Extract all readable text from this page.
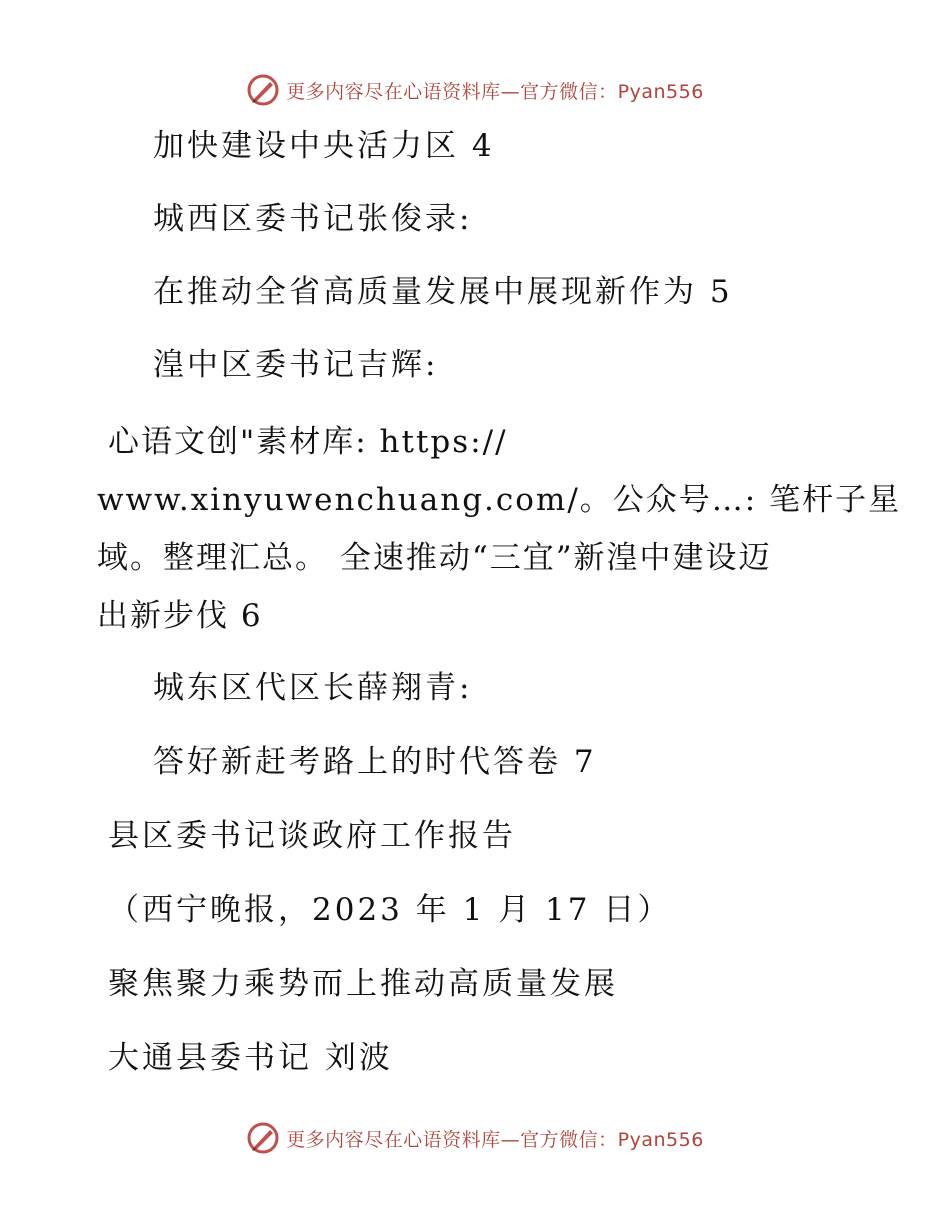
更多内容尽在心语资料库—官方微信：Pyan556
加快建设中央活力区 4
城西区委书记张俊录:
在推动全省高质量发展中展现新作为 5
湟中区委书记吉辉:
心语文创"素材库: https://
www.xinyuwenchuang.com/。公众号…: 笔杆子星
域。整理汇总。 全速推动“三宜”新湟中建设迈
出新步伐 6
城东区代区长薛翔青:
答好新赶考路上的时代答卷 7
县区委书记谈政府工作报告
（西宁晚报，2023 年 1 月 17 日）
聚焦聚力乘势而上推动高质量发展
大通县委书记 刘波
更多内容尽在心语资料库—官方微信：Pyan556
